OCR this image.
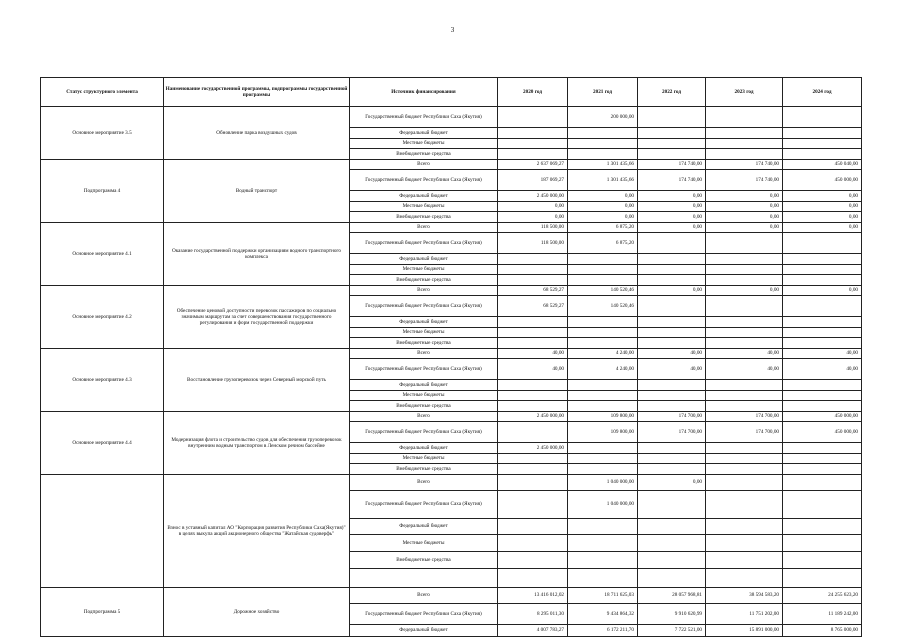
3
Статус структурного элемента	Наименование государственной программы, подпрограммы государственной программы	Источник финансирования	2020 год	2021 год	2022 год	2023 год	2024 год
Основное мероприятие 3.5	Обновление парка воздушных судов	Государственный бюджет Республики Саха (Якутия)		200 000,00			
		Федеральный бюджет					
		Местные бюджеты					
		Внебюджетные средства					
Подпрограмма 4	Водный транспорт	Всего	2 637 069,27	1 301 435,66	174 740,00	174 740,00	450 040,00
		Государственный бюджет Республики Саха (Якутия)	187 069,27	1 301 435,66	174 740,00	174 740,00	450 000,00
		Федеральный бюджет	2 450 000,00	0,00	0,00	0,00	0,00
		Местные бюджеты	0,00	0,00	0,00	0,00	0,00
		Внебюджетные средства	0,00	0,00	0,00	0,00	0,00
Основное мероприятие 4.1	Оказание государственной поддержки организациям водного транспортного комплекса	Всего	118 500,00	6 875,20	0,00	0,00	0,00
		Государственный бюджет Республики Саха (Якутия)	118 500,00	6 875,20			
		Федеральный бюджет					
		Местные бюджеты					
		Внебюджетные средства					
Основное мероприятие 4.2	Обеспечение ценовой доступности перевозок пассажиров по социально значимым маршрутам за счет совершенствования государственного регулирования и форм государственной поддержки	Всего	68 529,27	140 520,46	0,00	0,00	0,00
		Государственный бюджет Республики Саха (Якутия)	68 529,27	140 520,46			
		Федеральный бюджет					
		Местные бюджеты					
		Внебюджетные средства					
Основное мероприятие 4.3	Восстановление грузоперевозок через Северный морской путь	Всего	40,00	4 240,00	40,00	40,00	40,00
		Государственный бюджет Республики Саха (Якутия)	40,00	4 240,00	40,00	40,00	40,00
		Федеральный бюджет					
		Местные бюджеты					
		Внебюджетные средства					
Основное мероприятие 4.4	Модернизация флота и строительство судов для обеспечения грузоперевозок внутренним водным транспортом в Ленском речном бассейне	Всего	2 450 000,00	109 800,00	174 700,00	174 700,00	450 000,00
		Государственный бюджет Республики Саха (Якутия)		109 800,00	174 700,00	174 700,00	450 000,00
		Федеральный бюджет	2 450 000,00				
		Местные бюджеты					
		Внебюджетные средства					
	Взнос в уставный капитал АО "Корпорация развития Республики Саха(Якутия)" в целях выкупа акций акционерного общества "Жатайская судоверфь"	Всего		1 040 000,00	0,00		
		Государственный бюджет Республики Саха (Якутия)		1 040 000,00			
		Федеральный бюджет					
		Местные бюджеты					
		Внебюджетные средства					

Подпрограмма 5	Дорожное хозяйство	Всего	13 416 012,02	18 711 625,03	28 057 968,81	38 594 583,20	24 255 623,20
		Государственный бюджет Республики Саха (Якутия)	8 295 011,30	9 434 864,32	9 910 620,99	11 751 202,00	11 189 242,00
		Федеральный бюджет	4 007 783,27	6 172 211,70	7 722 521,00	15 891 000,00	8 765 000,00
